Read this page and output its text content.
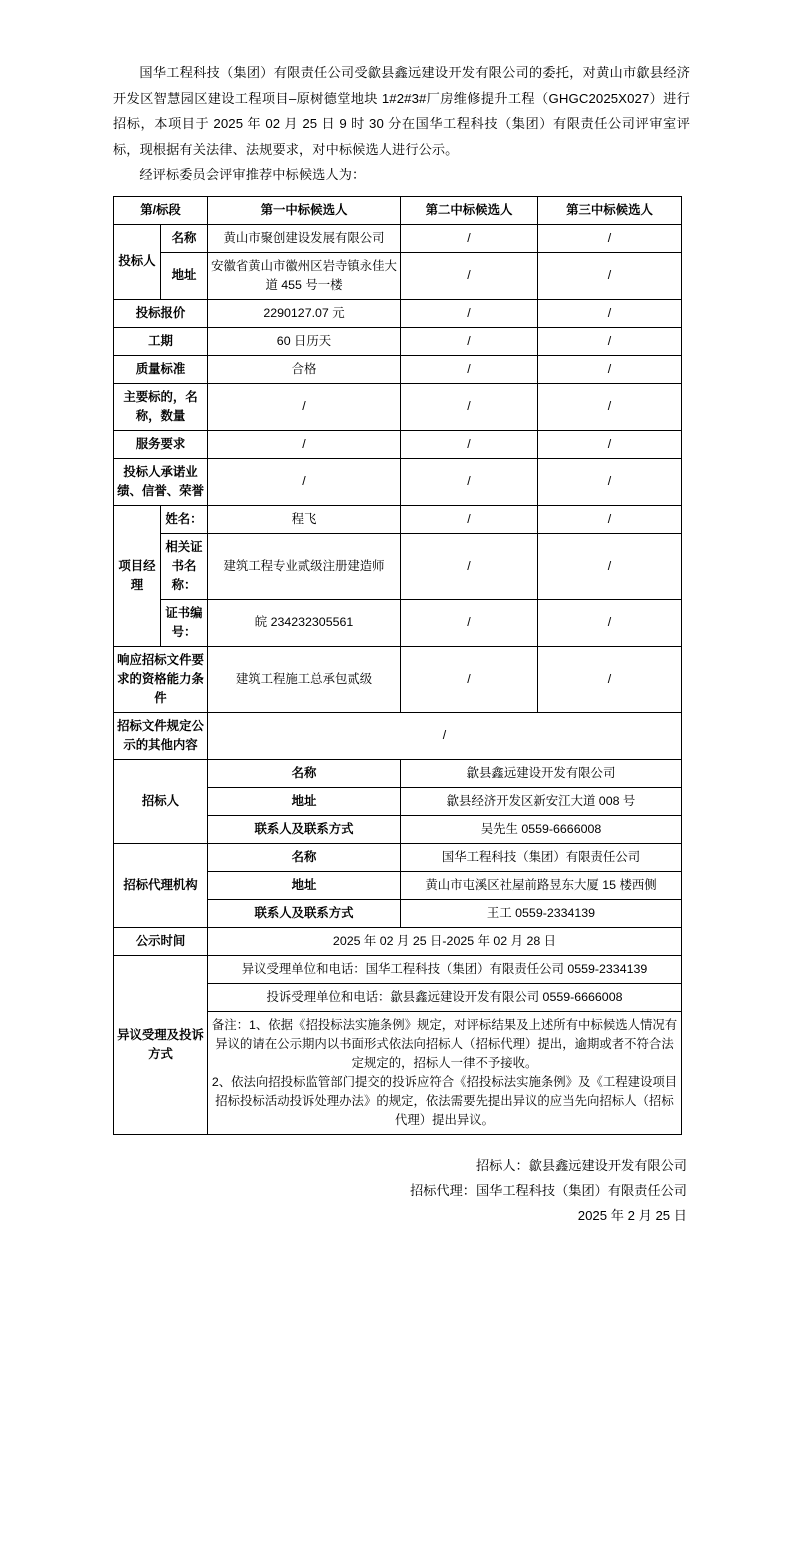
国华工程科技（集团）有限责任公司受歙县鑫远建设开发有限公司的委托，对黄山市歙县经济开发区智慧园区建设工程项目–原树德堂地块 1#2#3#厂房维修提升工程（GHGC2025X027）进行招标，本项目于 2025 年 02 月 25 日 9 时 30 分在国华工程科技（集团）有限责任公司评审室评标，现根据有关法律、法规要求，对中标候选人进行公示。

经评标委员会评审推荐中标候选人为：

第/标段		第一中标候选人	第二中标候选人	第三中标候选人
投标人	名称	黄山市聚创建设发展有限公司	/	/
	地址	安徽省黄山市徽州区岩寺镇永佳大道 455 号一楼	/	/
投标报价		2290127.07 元	/	/
工期		60 日历天	/	/
质量标准		合格	/	/
主要标的，名称，数量		/	/	/
服务要求		/	/	/
投标人承诺业绩、信誉、荣誉		/	/	/
项目经理	姓名：	程飞	/	/
	相关证书名称：	建筑工程专业贰级注册建造师	/	/
	证书编号：	皖 234232305561	/	/
响应招标文件要求的资格能力条件		建筑工程施工总承包贰级	/	/
招标文件规定公示的其他内容		/		
招标人		名称	歙县鑫远建设开发有限公司	
		地址	歙县经济开发区新安江大道 008 号	
		联系人及联系方式	吴先生 0559-6666008	
招标代理机构		名称	国华工程科技（集团）有限责任公司	
		地址	黄山市屯溪区社屋前路昱东大厦 15 楼西侧	
		联系人及联系方式	王工 0559-2334139	
公示时间		2025 年 02 月 25 日-2025 年 02 月 28 日		
异议受理及投诉方式		异议受理单位和电话：国华工程科技（集团）有限责任公司 0559-2334139		
		投诉受理单位和电话：歙县鑫远建设开发有限公司 0559-6666008		

		备注：1、依据《招投标法实施条例》规定，对评标结果及上述所有中标候选人情况有异议的请在公示期内以书面形式依法向招标人（招标代理）提出，逾期或者不符合法定规定的，招标人一律不予接收。
2、依法向招投标监管部门提交的投诉应符合《招投标法实施条例》及《工程建设项目招标投标活动投诉处理办法》的规定，依法需要先提出异议的应当先向招标人（招标代理）提出异议。		
招标人：歙县鑫远建设开发有限公司
招标代理：国华工程科技（集团）有限责任公司
2025 年 2 月 25 日
